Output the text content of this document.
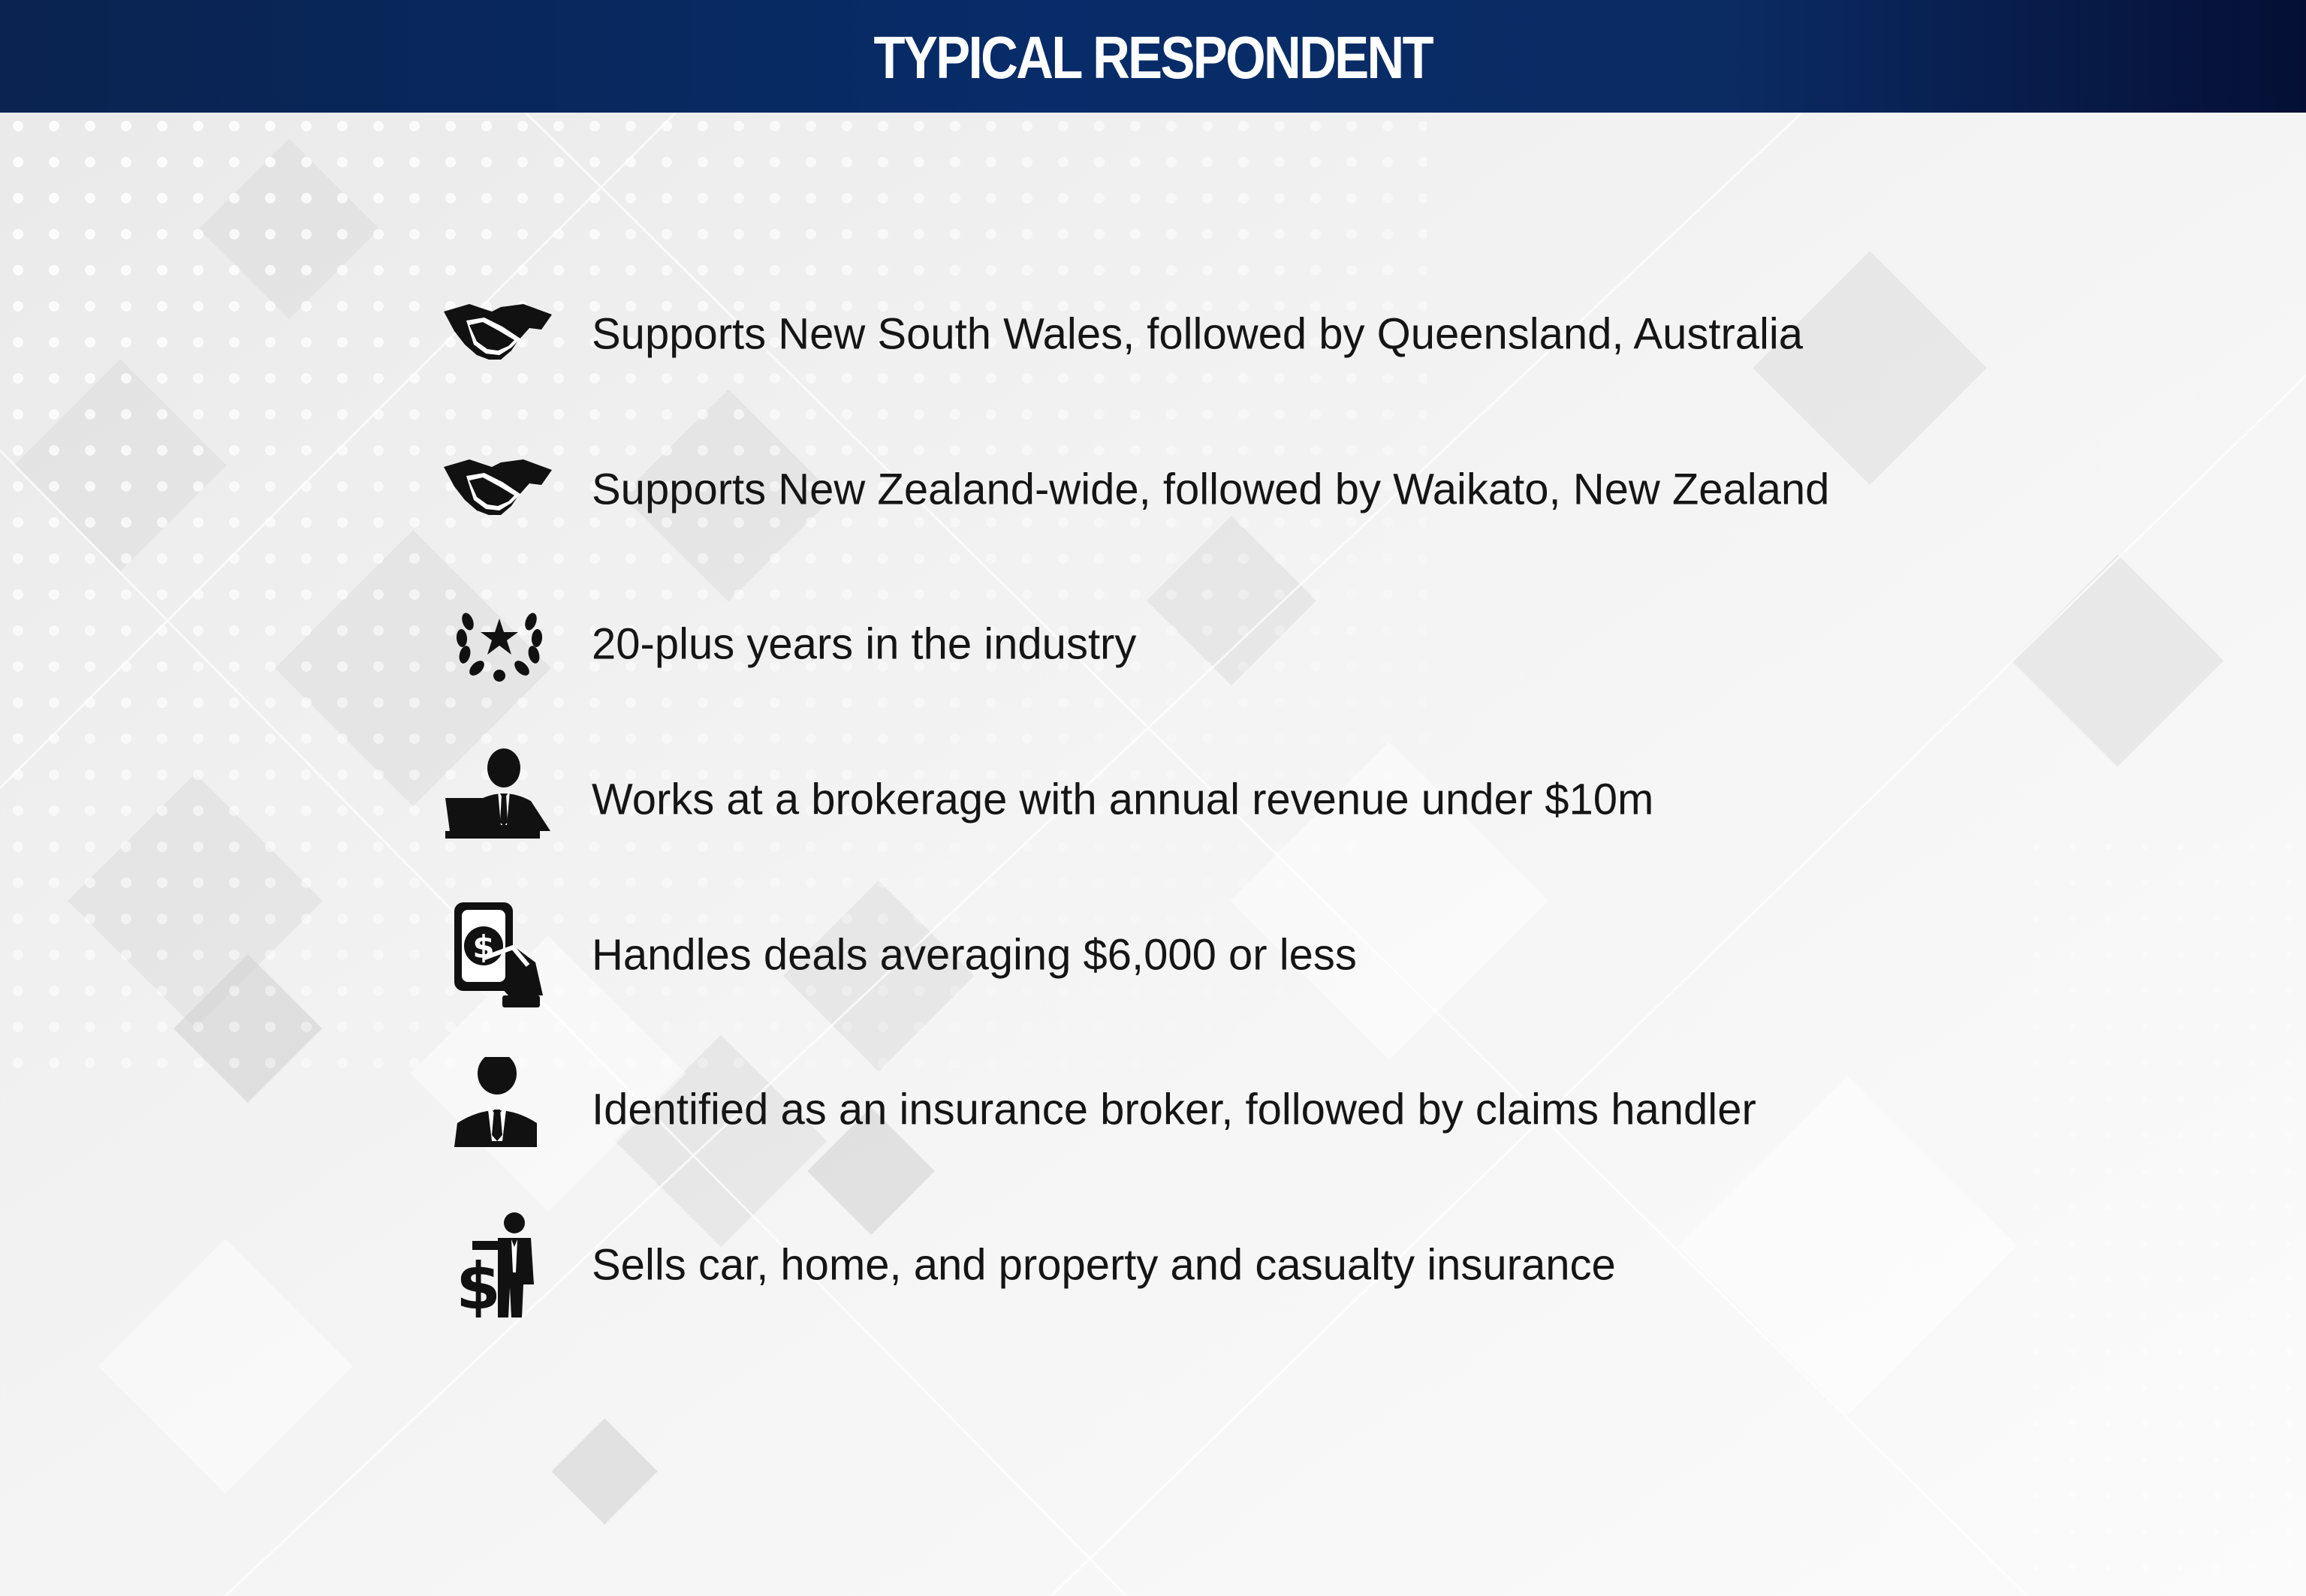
TYPICAL RESPONDENT
Supports New South Wales, followed by Queensland, Australia
Supports New Zealand-wide, followed by Waikato, New Zealand
20-plus years in the industry
Works at a brokerage with annual revenue under $10m
$ Handles deals averaging $6,000 or less
Identified as an insurance broker, followed by claims handler
$ Sells car, home, and property and casualty insurance
